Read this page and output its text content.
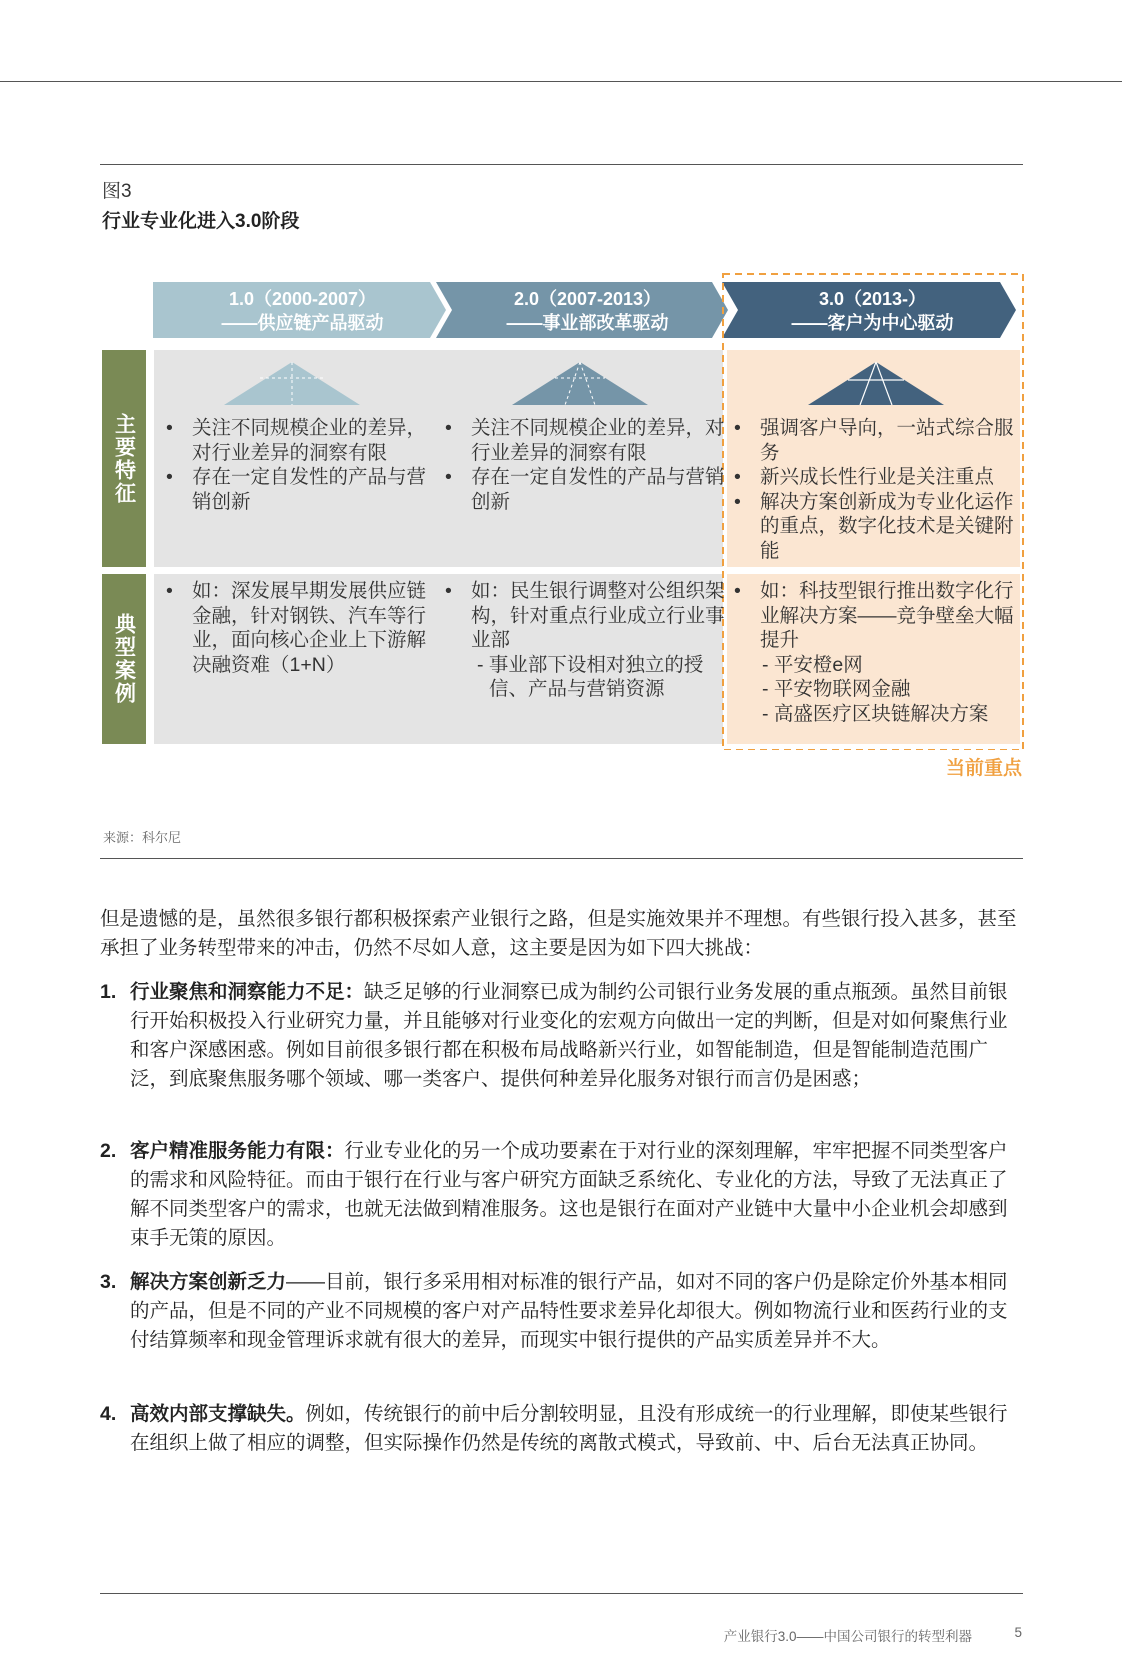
图3
行业专业化进入3.0阶段
1.0（2000-2007）
——供应链产品驱动
2.0（2007-2013）
——事业部改革驱动
3.0（2013-）
——客户为中心驱动
主要特征
典型案例
• 关注不同规模企业的差异，对行业差异的洞察有限
• 存在一定自发性的产品与营销创新
• 关注不同规模企业的差异，对行业差异的洞察有限
• 存在一定自发性的产品与营销创新
• 强调客户导向，一站式综合服务
• 新兴成长性行业是关注重点
• 解决方案创新成为专业化运作的重点，数字化技术是关键附能
• 如：深发展早期发展供应链金融，针对钢铁、汽车等行业，面向核心企业上下游解决融资难（1+N）
• 如：民生银行调整对公组织架构，针对重点行业成立行业事业部
- 事业部下设相对独立的授信、产品与营销资源
• 如：科技型银行推出数字化行业解决方案——竞争壁垒大幅提升
- 平安橙e网
- 平安物联网金融
- 高盛医疗区块链解决方案
当前重点
来源：科尔尼
但是遗憾的是，虽然很多银行都积极探索产业银行之路，但是实施效果并不理想。有些银行投入甚多，甚至承担了业务转型带来的冲击，仍然不尽如人意，这主要是因为如下四大挑战：
1. 行业聚焦和洞察能力不足：缺乏足够的行业洞察已成为制约公司银行业务发展的重点瓶颈。虽然目前银行开始积极投入行业研究力量，并且能够对行业变化的宏观方向做出一定的判断，但是对如何聚焦行业和客户深感困惑。例如目前很多银行都在积极布局战略新兴行业，如智能制造，但是智能制造范围广泛，到底聚焦服务哪个领域、哪一类客户、提供何种差异化服务对银行而言仍是困惑；
2. 客户精准服务能力有限：行业专业化的另一个成功要素在于对行业的深刻理解，牢牢把握不同类型客户的需求和风险特征。而由于银行在行业与客户研究方面缺乏系统化、专业化的方法，导致了无法真正了解不同类型客户的需求，也就无法做到精准服务。这也是银行在面对产业链中大量中小企业机会却感到束手无策的原因。
3. 解决方案创新乏力——目前，银行多采用相对标准的银行产品，如对不同的客户仍是除定价外基本相同的产品，但是不同的产业不同规模的客户对产品特性要求差异化却很大。例如物流行业和医药行业的支付结算频率和现金管理诉求就有很大的差异，而现实中银行提供的产品实质差异并不大。
4. 高效内部支撑缺失。例如，传统银行的前中后分割较明显，且没有形成统一的行业理解，即使某些银行在组织上做了相应的调整，但实际操作仍然是传统的离散式模式，导致前、中、后台无法真正协同。
产业银行3.0——中国公司银行的转型利器	5
